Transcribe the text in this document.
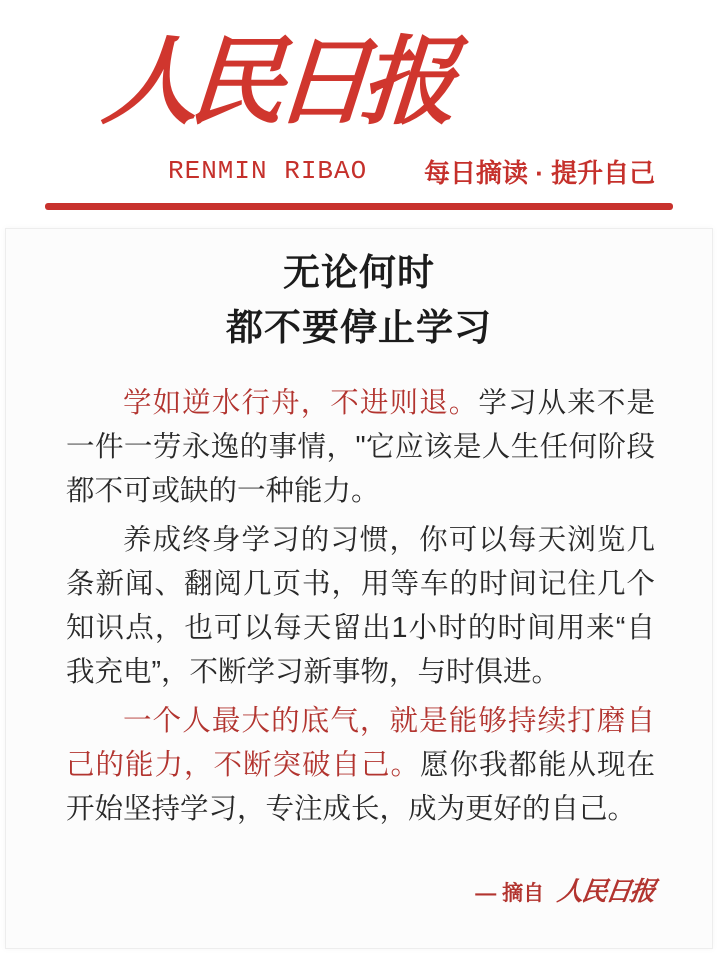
人民日报
RENMIN RIBAO 每日摘读 · 提升自己
无论何时
都不要停止学习

学如逆水行舟，不进则退。学习从来不是一件一劳永逸的事情，"它应该是人生任何阶段都不可或缺的一种能力。

养成终身学习的习惯，你可以每天浏览几条新闻、翻阅几页书，用等车的时间记住几个知识点，也可以每天留出1小时的时间用来“自我充电”，不断学习新事物，与时俱进。

一个人最大的底气，就是能够持续打磨自己的能力，不断突破自己。愿你我都能从现在开始坚持学习，专注成长，成为更好的自己。

— 摘自 人民日报
